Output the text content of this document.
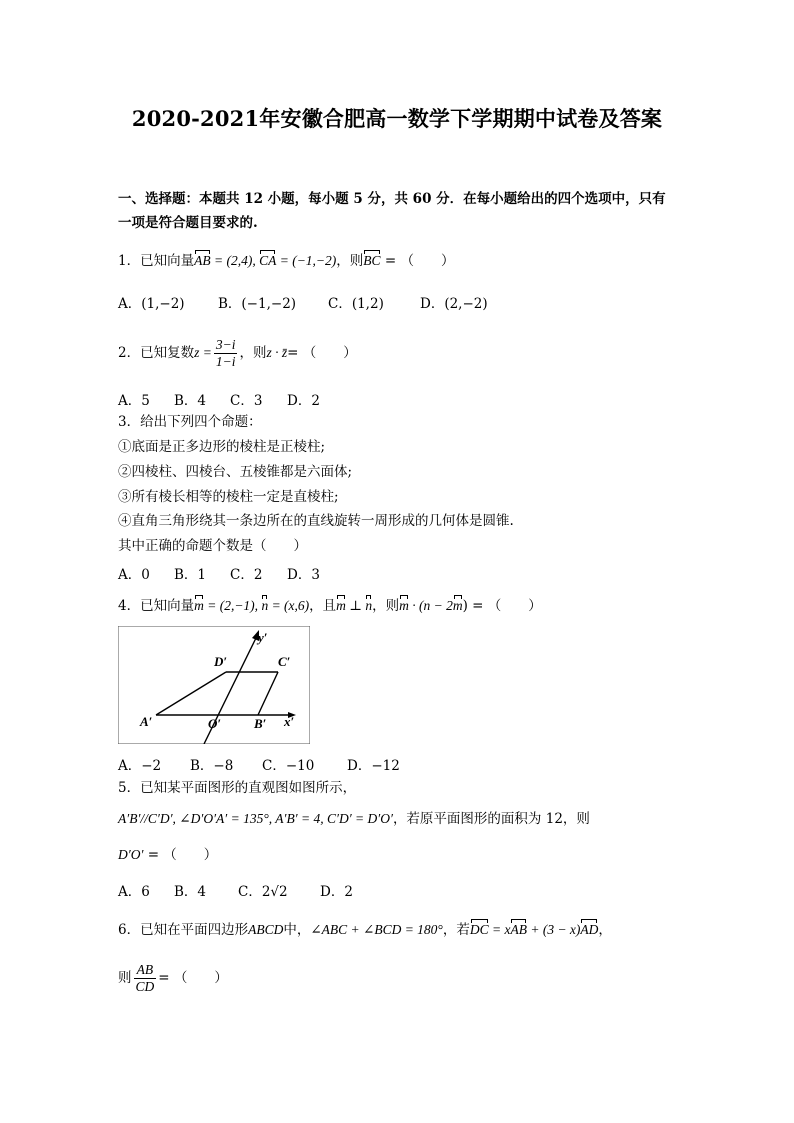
2020-2021年安徽合肥高一数学下学期期中试卷及答案
一、选择题：本题共 12 小题，每小题 5 分，共 60 分．在每小题给出的四个选项中，只有
一项是符合题目要求的.
1．已知向量AB = (2,4), CA = (−1,−2)，则BC = （　　）
A．(1,−2) B．(−1,−2) C．(1,2)	D．(2,−2)
2．已知复数 $z = \frac{3-i}{1-i}$ ，则 z · z̄ = （　　）
A．5 B．4 C．3 D．2
3．给出下列四个命题：
①底面是正多边形的棱柱是正棱柱;
②四棱柱、四棱台、五棱锥都是六面体;
③所有棱长相等的棱柱一定是直棱柱;
④直角三角形绕其一条边所在的直线旋转一周形成的几何体是圆锥.
其中正确的命题个数是（　　）
A．0 B．1 C．2 D．3
4．已知向量m = (2,−1), n = (x,6)，且m ⊥ n，则m · (n − 2m) = （　　）
y′
x′
A′	O′	B′
C′
D′
A．−2 B．−8 C．−10 D．−12
5．已知某平面图形的直观图如图所示，
A′B′//C′D′, ∠D′O′A′ = 135°, A′B′ = 4, C′D′ = D′O′，若原平面图形的面积为 12，则
D′O′ = （　　）
A．6 B．4 C．2√2 D．2
6．已知在平面四边形ABCD中，∠ABC + ∠BCD = 180°，若DC = xAB + (3 − x)AD，
则 $\frac{AB}{CD}$ = （　　）
